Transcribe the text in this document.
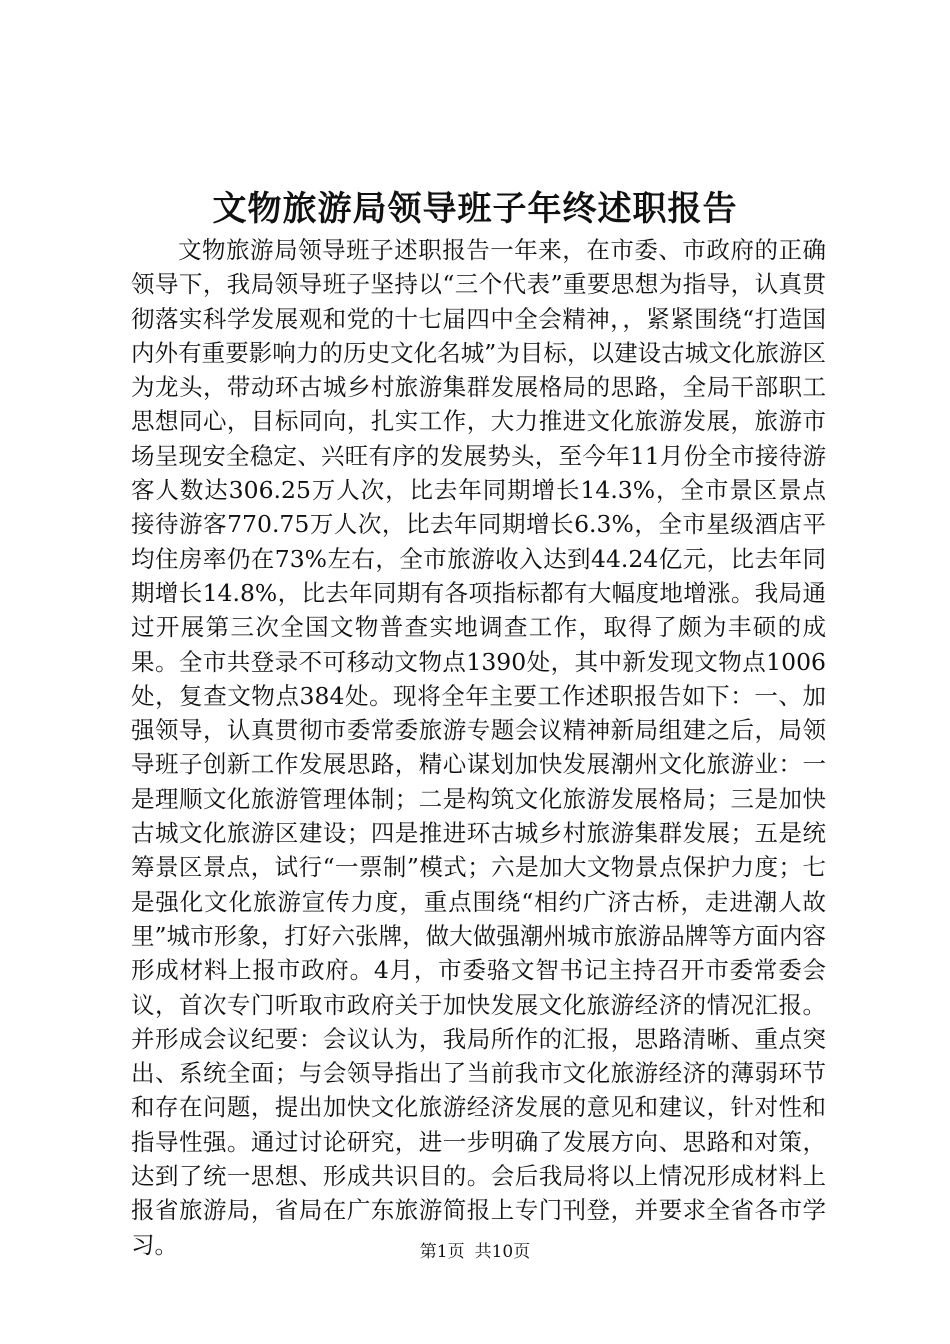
文物旅游局领导班子年终述职报告

文物旅游局领导班子述职报告一年来，在市委、市政府的正确领导下，我局领导班子坚持以“三个代表”重要思想为指导，认真贯彻落实科学发展观和党的十七届四中全会精神，，紧紧围绕“打造国内外有重要影响力的历史文化名城”为目标，以建设古城文化旅游区为龙头，带动环古城乡村旅游集群发展格局的思路，全局干部职工思想同心，目标同向，扎实工作，大力推进文化旅游发展，旅游市场呈现安全稳定、兴旺有序的发展势头，至今年11月份全市接待游客人数达306.25万人次，比去年同期增长14.3%，全市景区景点接待游客770.75万人次，比去年同期增长6.3%，全市星级酒店平均住房率仍在73%左右，全市旅游收入达到44.24亿元，比去年同期增长14.8%，比去年同期有各项指标都有大幅度地增涨。我局通过开展第三次全国文物普查实地调查工作，取得了颇为丰硕的成果。全市共登录不可移动文物点1390处，其中新发现文物点1006处，复查文物点384处。现将全年主要工作述职报告如下：一、加强领导，认真贯彻市委常委旅游专题会议精神新局组建之后，局领导班子创新工作发展思路，精心谋划加快发展潮州文化旅游业：一是理顺文化旅游管理体制；二是构筑文化旅游发展格局；三是加快古城文化旅游区建设；四是推进环古城乡村旅游集群发展；五是统筹景区景点，试行“一票制”模式；六是加大文物景点保护力度；七是强化文化旅游宣传力度，重点围绕“相约广济古桥，走进潮人故里”城市形象，打好六张牌，做大做强潮州城市旅游品牌等方面内容形成材料上报市政府。4月，市委骆文智书记主持召开市委常委会议，首次专门听取市政府关于加快发展文化旅游经济的情况汇报。并形成会议纪要：会议认为，我局所作的汇报，思路清晰、重点突出、系统全面；与会领导指出了当前我市文化旅游经济的薄弱环节和存在问题，提出加快文化旅游经济发展的意见和建议，针对性和指导性强。通过讨论研究，进一步明确了发展方向、思路和对策，达到了统一思想、形成共识目的。会后我局将以上情况形成材料上报省旅游局，省局在广东旅游简报上专门刊登，并要求全省各市学习。	第1页 共10页
